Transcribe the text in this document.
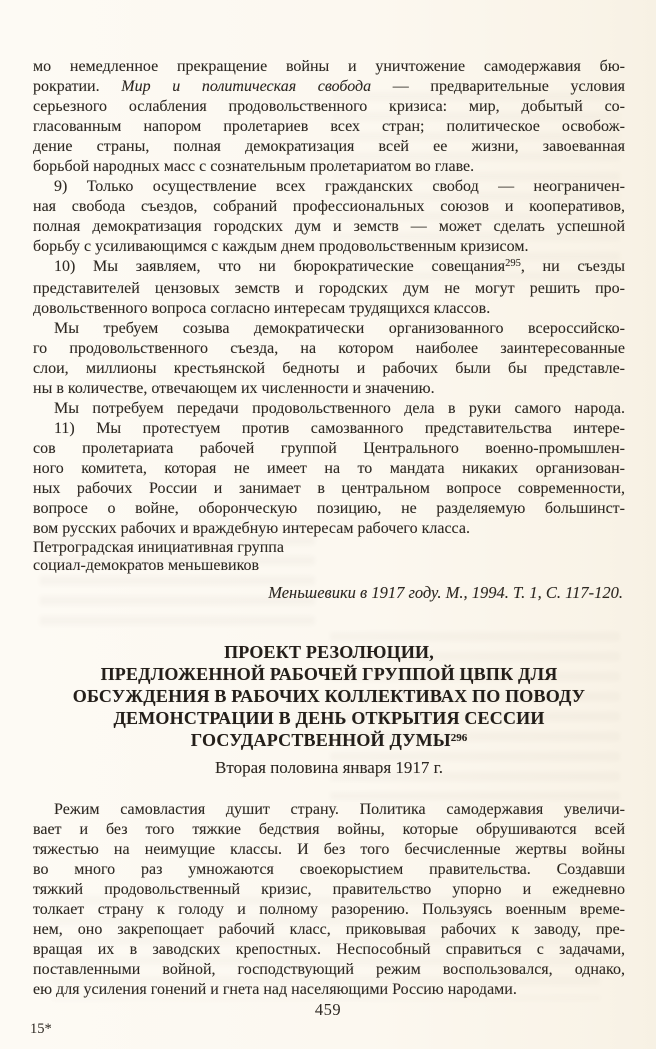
мо немедленное прекращение войны и уничтожение самодержавия бю-
рократии. Мир и политическая свобода — предварительные условия
серьезного ослабления продовольственного кризиса: мир, добытый со-
гласованным напором пролетариев всех стран; политическое освобож-
дение страны, полная демократизация всей ее жизни, завоеванная
борьбой народных масс с сознательным пролетариатом во главе.
9) Только осуществление всех гражданских свобод — неограничен-
ная свобода съездов, собраний профессиональных союзов и кооперативов,
полная демократизация городских дум и земств — может сделать успешной
борьбу с усиливающимся с каждым днем продовольственным кризисом.
10) Мы заявляем, что ни бюрократические совещания$^{295}$, ни съезды
представителей цензовых земств и городских дум не могут решить про-
довольственного вопроса согласно интересам трудящихся классов.
Мы требуем созыва демократически организованного всероссийско-
го продовольственного съезда, на котором наиболее заинтересованные
слои, миллионы крестьянской бедноты и рабочих были бы представле-
ны в количестве, отвечающем их численности и значению.
Мы потребуем передачи продовольственного дела в руки самого народа.
11) Мы протестуем против самозванного представительства интере-
сов пролетариата рабочей группой Центрального военно-промышлен-
ного комитета, которая не имеет на то мандата никаких организован-
ных рабочих России и занимает в центральном вопросе современности,
вопросе о войне, оборонческую позицию, не разделяемую большинст-
вом русских рабочих и враждебную интересам рабочего класса.
Петроградская инициативная группа
социал-демократов меньшевиков
Меньшевики в 1917 году. М., 1994. Т. 1, С. 117-120.
ПРОЕКТ РЕЗОЛЮЦИИ,
ПРЕДЛОЖЕННОЙ РАБОЧЕЙ ГРУППОЙ ЦВПК ДЛЯ
ОБСУЖДЕНИЯ В РАБОЧИХ КОЛЛЕКТИВАХ ПО ПОВОДУ
ДЕМОНСТРАЦИИ В ДЕНЬ ОТКРЫТИЯ СЕССИИ
ГОСУДАРСТВЕННОЙ ДУМЫ$^{296}$
Вторая половина января 1917 г.
Режим самовластия душит страну. Политика самодержавия увеличи-
вает и без того тяжкие бедствия войны, которые обрушиваются всей
тяжестью на неимущие классы. И без того бесчисленные жертвы войны
во много раз умножаются своекорыстием правительства. Создавши
тяжкий продовольственный кризис, правительство упорно и ежедневно
толкает страну к голоду и полному разорению. Пользуясь военным време-
нем, оно закрепощает рабочий класс, приковывая рабочих к заводу, пре-
вращая их в заводских крепостных. Неспособный справиться с задачами,
поставленными войной, господствующий режим воспользовался, однако,
ею для усиления гонений и гнета над населяющими Россию народами.
459
15*
